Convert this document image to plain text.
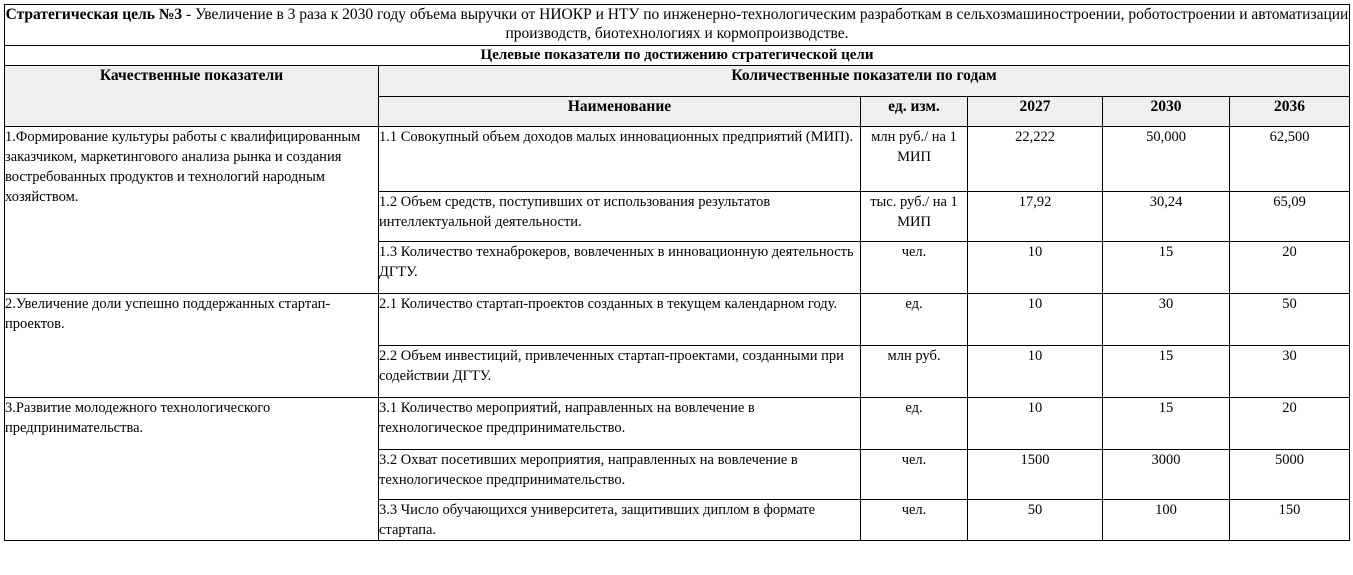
Стратегическая цель №3 - Увеличение в 3 раза к 2030 году объема выручки от НИОКР и НТУ по инженерно-технологическим разработкам в сельхозмашиностроении, роботостроении и автоматизации производств, биотехнологиях и кормопроизводстве.					
Целевые показатели по достижению стратегической цели					
Качественные показатели	Количественные показатели по годам				
	Наименование	ед. изм.	2027	2030	2036
1.Формирование культуры работы с квалифицированным заказчиком, маркетингового анализа рынка и создания востребованных продуктов и технологий народным хозяйством.	1.1 Совокупный объем доходов малых инновационных предприятий (МИП).	млн руб./ на 1 МИП	22,222	50,000	62,500
	1.2 Объем средств, поступивших от использования результатов интеллектуальной деятельности.	тыс. руб./ на 1 МИП	17,92	30,24	65,09
	1.3 Количество технаброкеров, вовлеченных в инновационную деятельность ДГТУ.	чел.	10	15	20
2.Увеличение доли успешно поддержанных стартап-проектов.	2.1 Количество стартап-проектов созданных в текущем календарном году.	ед.	10	30	50
	2.2 Объем инвестиций, привлеченных стартап-проектами, созданными при содействии ДГТУ.	млн руб.	10	15	30
3.Развитие молодежного технологического предпринимательства.	3.1 Количество мероприятий, направленных на вовлечение в технологическое предпринимательство.	ед.	10	15	20
	3.2 Охват посетивших мероприятия, направленных на вовлечение в технологическое предпринимательство.	чел.	1500	3000	5000
	3.3 Число обучающихся университета, защитивших диплом в формате стартапа.	чел.	50	100	150
